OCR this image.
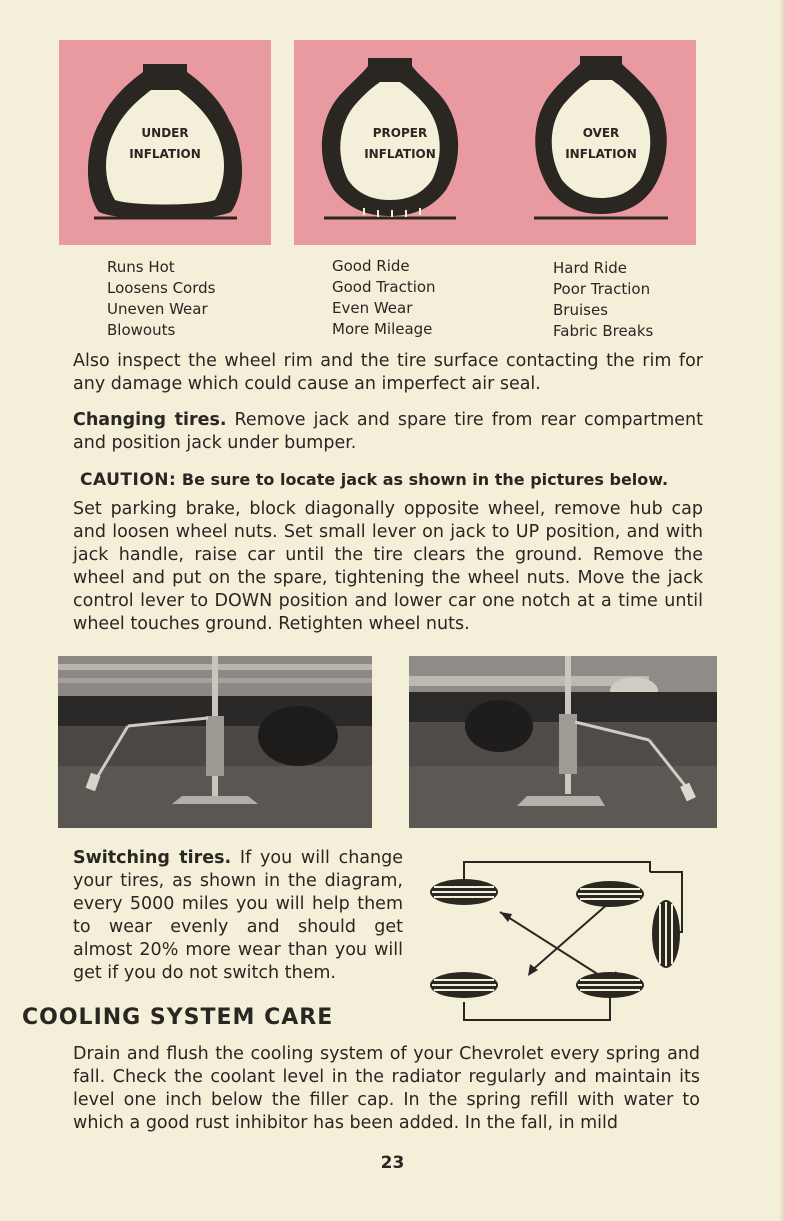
UNDER
INFLATION
PROPER
INFLATION
OVER
INFLATION
Runs Hot
Loosens Cords
Uneven Wear
Blowouts
Good Ride
Good Traction
Even Wear
More Mileage
Hard Ride
Poor Traction
Bruises
Fabric Breaks
Also inspect the wheel rim and the tire surface contacting the rim for any damage which could cause an imperfect air seal.
Changing tires. Remove jack and spare tire from rear compartment and position jack under bumper.
CAUTION: Be sure to locate jack as shown in the pictures below.
Set parking brake, block diagonally opposite wheel, remove hub cap and loosen wheel nuts. Set small lever on jack to UP position, and with jack handle, raise car until the tire clears the ground. Remove the wheel and put on the spare, tightening the wheel nuts. Move the jack control lever to DOWN position and lower car one notch at a time until wheel touches ground. Retighten wheel nuts.
Switching tires. If you will change your tires, as shown in the diagram, every 5000 miles you will help them to wear evenly and should get almost 20% more wear than you will get if you do not switch them.
COOLING SYSTEM CARE
Drain and flush the cooling system of your Chevrolet every spring and fall. Check the coolant level in the radiator regularly and maintain its level one inch below the filler cap. In the spring refill with water to which a good rust inhibitor has been added. In the fall, in mild
23
